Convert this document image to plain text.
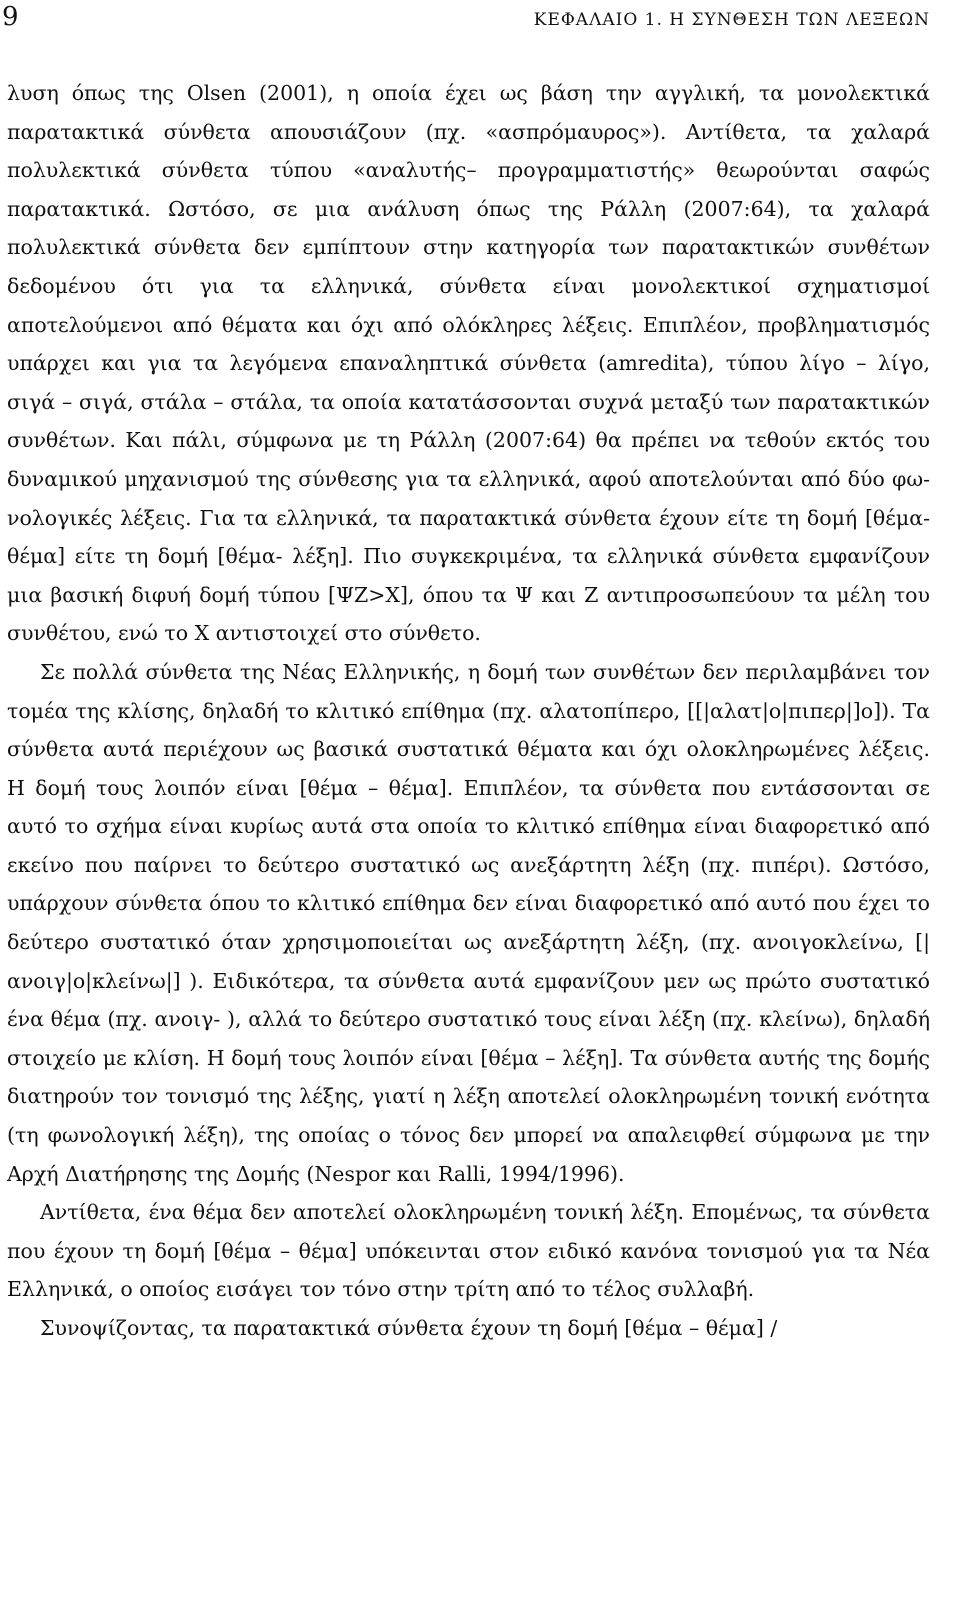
9	ΚΕΦΑΛΑΙΟ 1. Η ΣΥΝΘΕΣΗ ΤΩΝ ΛΕΞΕΩΝ

λυση όπως της Olsen (2001), η οποία έχει ως βάση την αγγλική, τα μονολεκτικά παρατακτικά σύνθετα απουσιάζουν (πχ. «ασπρόμαυρος»). Αντίθετα, τα χαλαρά πολυλεκτικά σύνθετα τύπου «αναλυτής– προγραμματιστής» θεωρούνται σαφώς παρατακτικά. Ωστόσο, σε μια ανάλυση όπως της Ράλλη (2007:64), τα χαλαρά πολυλεκτικά σύνθετα δεν εμπίπτουν στην κατηγορία των παρατακτικών συνθέτων δεδομένου ότι για τα ελληνικά, σύνθετα είναι μονολεκτικοί σχηματισμοί αποτελούμενοι από θέματα και όχι από ολόκληρες λέξεις. Επιπλέον, προβληματισμός υπάρχει και για τα λεγόμενα επαναληπτικά σύνθετα (amredita), τύπου λίγο – λίγο, σιγά – σιγά, στάλα – στάλα, τα οποία κατατάσσονται συχνά μεταξύ των παρατακτικών συνθέτων. Και πάλι, σύμφωνα με τη Ράλλη (2007:64) θα πρέπει να τεθούν εκτός του δυναμικού μηχανισμού της σύνθεσης για τα ελληνικά, αφού αποτελούνται από δύο φωνολογικές λέξεις. Για τα ελληνικά, τα παρατακτικά σύνθετα έχουν είτε τη δομή [θέμα- θέμα] είτε τη δομή [θέμα- λέξη]. Πιο συγκεκριμένα, τα ελληνικά σύνθετα εμφανίζουν μια βασική διφυή δομή τύπου [ΨΖ>Χ], όπου τα Ψ και Ζ αντιπροσωπεύουν τα μέλη του συνθέτου, ενώ το Χ αντιστοιχεί στο σύνθετο.

Σε πολλά σύνθετα της Νέας Ελληνικής, η δομή των συνθέτων δεν περιλαμβάνει τον τομέα της κλίσης, δηλαδή το κλιτικό επίθημα (πχ. αλατοπίπερο, [[|αλατ|ο|πιπερ|]ο]). Τα σύνθετα αυτά περιέχουν ως βασικά συστατικά θέματα και όχι ολοκληρωμένες λέξεις. Η δομή τους λοιπόν είναι [θέμα – θέμα]. Επιπλέον, τα σύνθετα που εντάσσονται σε αυτό το σχήμα είναι κυρίως αυτά στα οποία το κλιτικό επίθημα είναι διαφορετικό από εκείνο που παίρνει το δεύτερο συστατικό ως ανεξάρτητη λέξη (πχ. πιπέρι). Ωστόσο, υπάρχουν σύνθετα όπου το κλιτικό επίθημα δεν είναι διαφορετικό από αυτό που έχει το δεύτερο συστατικό όταν χρησιμοποιείται ως ανεξάρτητη λέξη, (πχ. ανοιγοκλείνω, [|ανοιγ|ο|κλείνω|] ). Ειδικότερα, τα σύνθετα αυτά εμφανίζουν μεν ως πρώτο συστατικό ένα θέμα (πχ. ανοιγ- ), αλλά το δεύτερο συστατικό τους είναι λέξη (πχ. κλείνω), δηλαδή στοιχείο με κλίση. Η δομή τους λοιπόν είναι [θέμα – λέξη]. Τα σύνθετα αυτής της δομής διατηρούν τον τονισμό της λέξης, γιατί η λέξη αποτελεί ολοκληρωμένη τονική ενότητα (τη φωνολογική λέξη), της οποίας ο τόνος δεν μπορεί να απαλειφθεί σύμφωνα με την Αρχή Διατήρησης της Δομής (Nespor και Ralli, 1994/1996).

Αντίθετα, ένα θέμα δεν αποτελεί ολοκληρωμένη τονική λέξη. Επομένως, τα σύνθετα που έχουν τη δομή [θέμα – θέμα] υπόκεινται στον ειδικό κανόνα τονισμού για τα Νέα Ελληνικά, ο οποίος εισάγει τον τόνο στην τρίτη από το τέλος συλλαβή.

Συνοψίζοντας, τα παρατακτικά σύνθετα έχουν τη δομή [θέμα – θέμα] /
